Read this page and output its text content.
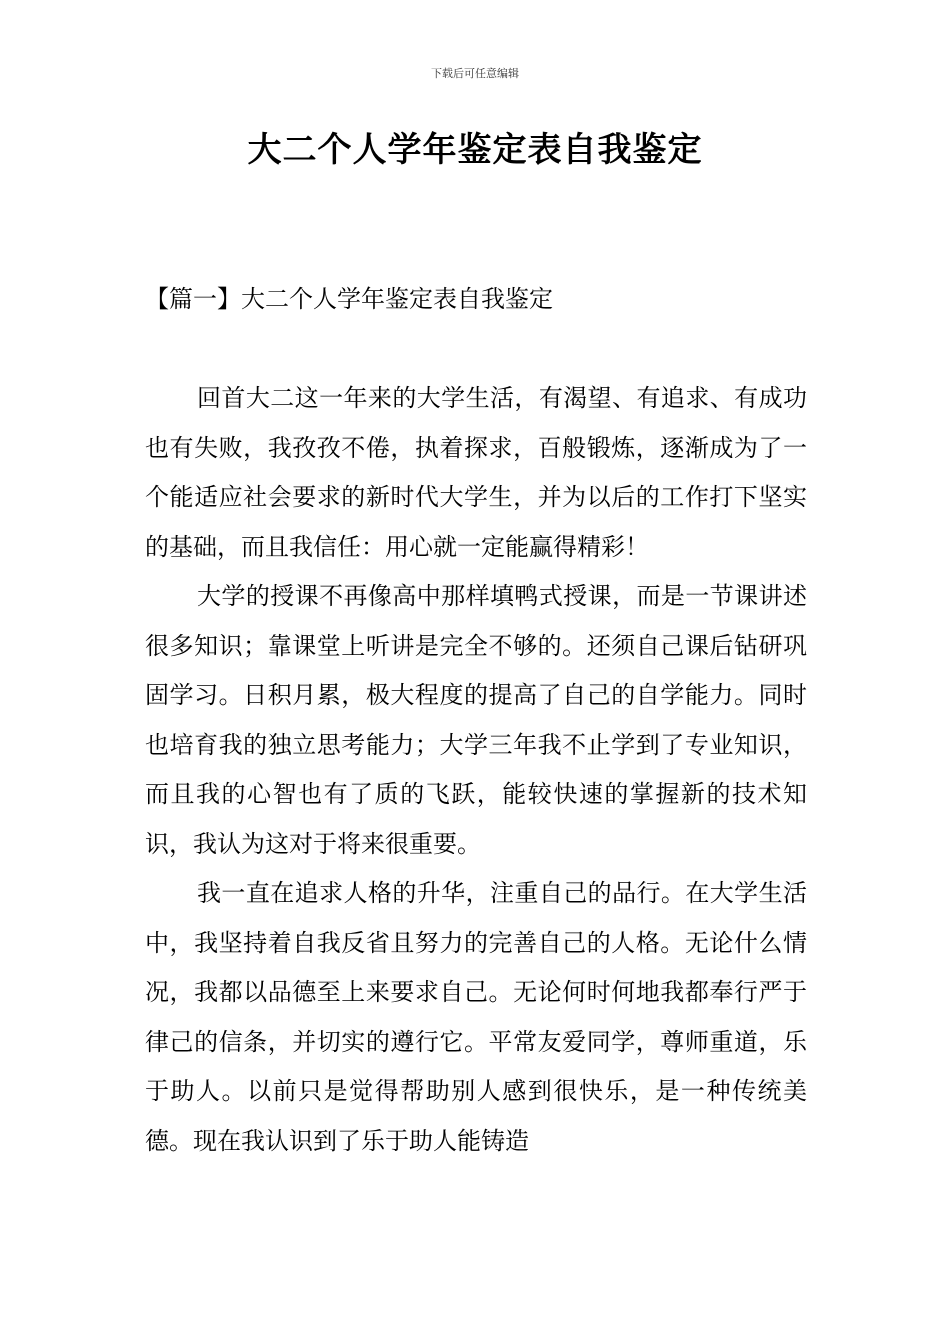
下载后可任意编辑
大二个人学年鉴定表自我鉴定
【篇一】大二个人学年鉴定表自我鉴定

回首大二这一年来的大学生活，有渴望、有追求、有成功也有失败，我孜孜不倦，执着探求，百般锻炼，逐渐成为了一个能适应社会要求的新时代大学生，并为以后的工作打下坚实的基础，而且我信任：用心就一定能赢得精彩！

大学的授课不再像高中那样填鸭式授课，而是一节课讲述很多知识；靠课堂上听讲是完全不够的。还须自己课后钻研巩固学习。日积月累，极大程度的提高了自己的自学能力。同时也培育我的独立思考能力；大学三年我不止学到了专业知识，而且我的心智也有了质的飞跃，能较快速的掌握新的技术知识，我认为这对于将来很重要。

我一直在追求人格的升华，注重自己的品行。在大学生活中，我坚持着自我反省且努力的完善自己的人格。无论什么情况，我都以品德至上来要求自己。无论何时何地我都奉行严于律己的信条，并切实的遵行它。平常友爱同学，尊师重道，乐于助人。以前只是觉得帮助别人感到很快乐，是一种传统美德。现在我认识到了乐于助人能铸造
